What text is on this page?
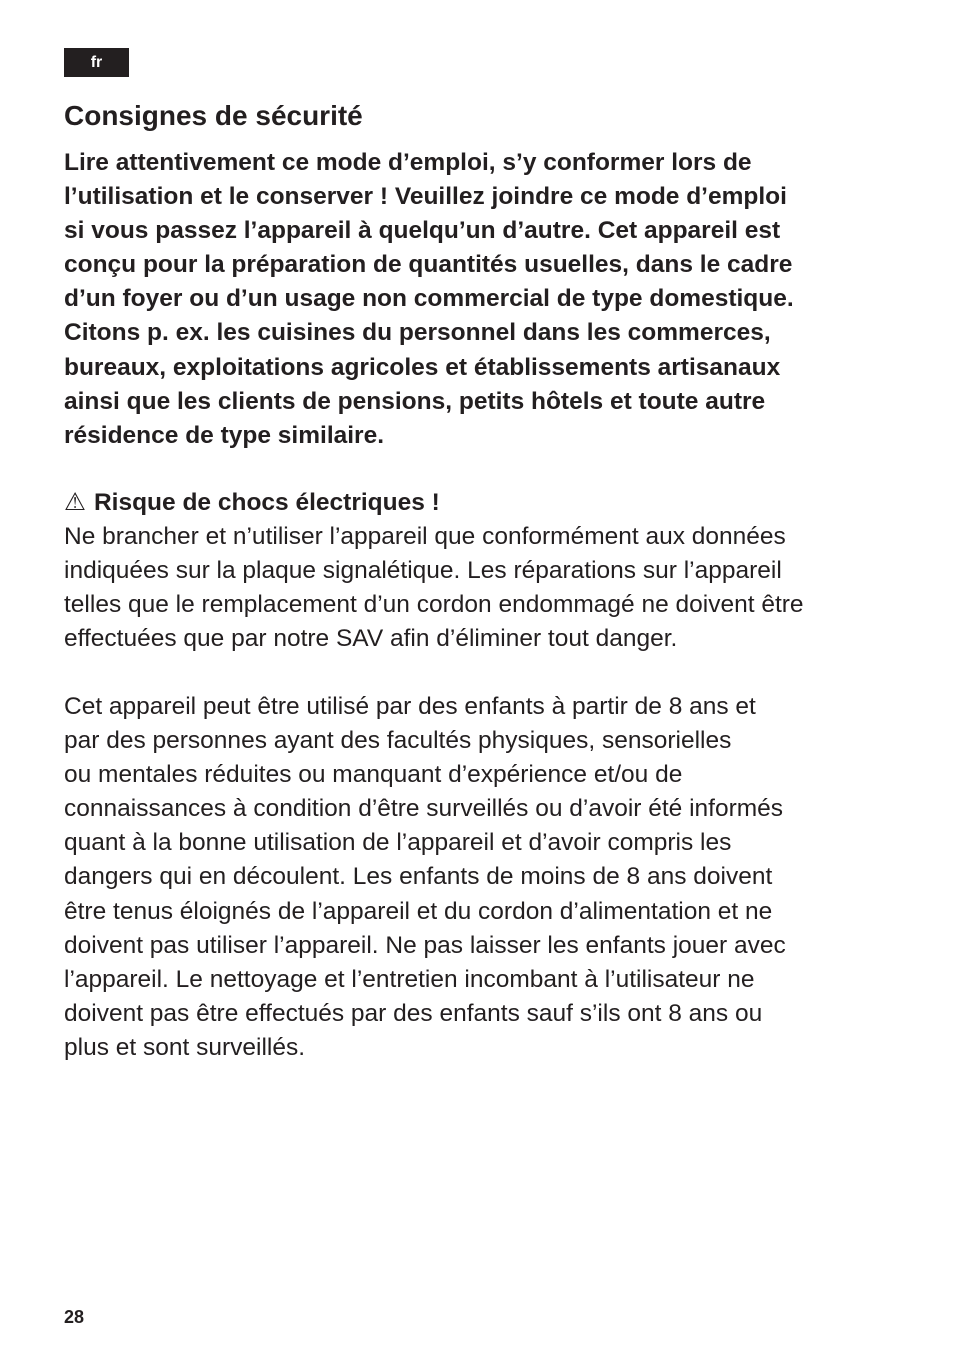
fr
Consignes de sécurité
Lire attentivement ce mode d’emploi, s’y conformer lors de
l’utilisation et le conserver ! Veuillez joindre ce mode d’emploi
si vous passez l’appareil à quelqu’un d’autre. Cet appareil est
conçu pour la préparation de quantités usuelles, dans le cadre
d’un foyer ou d’un usage non commercial de type domestique.
Citons p. ex. les cuisines du personnel dans les commerces,
bureaux, exploitations agricoles et établissements artisanaux
ainsi que les clients de pensions, petits hôtels et toute autre
résidence de type similaire.
⚠ Risque de chocs électriques !
Ne brancher et n’utiliser l’appareil que conformément aux données
indiquées sur la plaque signalétique. Les réparations sur l’appareil
telles que le remplacement d’un cordon endommagé ne doivent être
effectuées que par notre SAV afin d’éliminer tout danger.
Cet appareil peut être utilisé par des enfants à partir de 8 ans et
par des personnes ayant des facultés physiques, sensorielles
ou mentales réduites ou manquant d’expérience et/ou de
connaissances à condition d’être surveillés ou d’avoir été informés
quant à la bonne utilisation de l’appareil et d’avoir compris les
dangers qui en découlent. Les enfants de moins de 8 ans doivent
être tenus éloignés de l’appareil et du cordon d’alimentation et ne
doivent pas utiliser l’appareil. Ne pas laisser les enfants jouer avec
l’appareil. Le nettoyage et l’entretien incombant à l’utilisateur ne
doivent pas être effectués par des enfants sauf s’ils ont 8 ans ou
plus et sont surveillés.
28
